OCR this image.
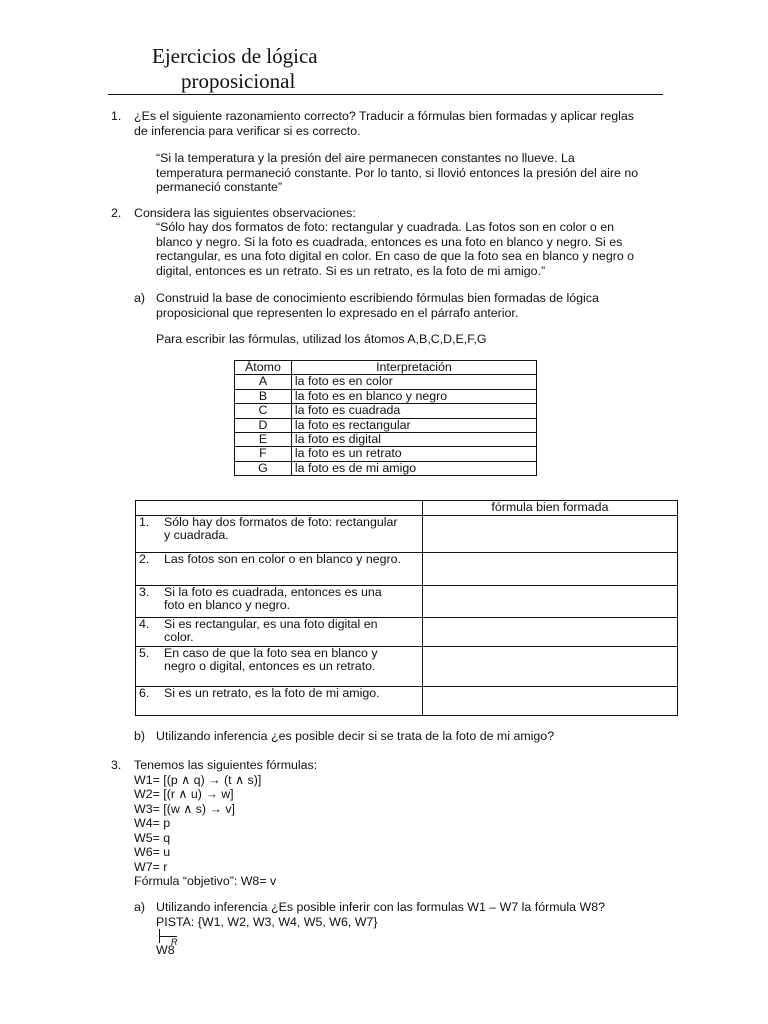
Ejercicios de lógica
proposicional
1. ¿Es el siguiente razonamiento correcto? Traducir a fórmulas bien formadas y aplicar reglas
de inferencia para verificar si es correcto.
“Si la temperatura y la presión del aire permanecen constantes no llueve. La
temperatura permaneció constante. Por lo tanto, si llovió entonces la presión del aire no
permaneció constante”
2. Considera las siguientes observaciones:
“Sólo hay dos formatos de foto: rectangular y cuadrada. Las fotos son en color o en
blanco y negro. Si la foto es cuadrada, entonces es una foto en blanco y negro. Si es
rectangular, es una foto digital en color. En caso de que la foto sea en blanco y negro o
digital, entonces es un retrato. Si es un retrato, es la foto de mi amigo.”
a) Construid la base de conocimiento escribiendo fórmulas bien formadas de lógica
proposicional que representen lo expresado en el párrafo anterior.
Para escribir las fórmulas, utilizad los átomos A,B,C,D,E,F,G
Átomo	Interpretación
A	la foto es en color
B	la foto es en blanco y negro
C	la foto es cuadrada
D	la foto es rectangular
E	la foto es digital
F	la foto es un retrato
G	la foto es de mi amigo
	fórmula bien formada
1. Sólo hay dos formatos de foto: rectangular
y cuadrada.	

2. Las fotos son en color o en blanco y negro.	
3. Si la foto es cuadrada, entonces es una
foto en blanco y negro.	

4. Si es rectangular, es una foto digital en
color.	

5. En caso de que la foto sea en blanco y
negro o digital, entonces es un retrato.	

6. Si es un retrato, es la foto de mi amigo.	
b) Utilizando inferencia ¿es posible decir si se trata de la foto de mi amigo?
3. Tenemos las siguientes fórmulas:
W1= [(p ∧ q) → (t ∧ s)]
W2= [(r ∧ u) → w]
W3= [(w ∧ s) → v]
W4= p
W5= q
W6= u
W7= r
Fórmula “objetivo”: W8= v
a) Utilizando inferencia ¿Es posible inferir con las formulas W1 – W7 la fórmula W8?
PISTA: {W1, W2, W3, W4, W5, W6, W7}
R
W8
